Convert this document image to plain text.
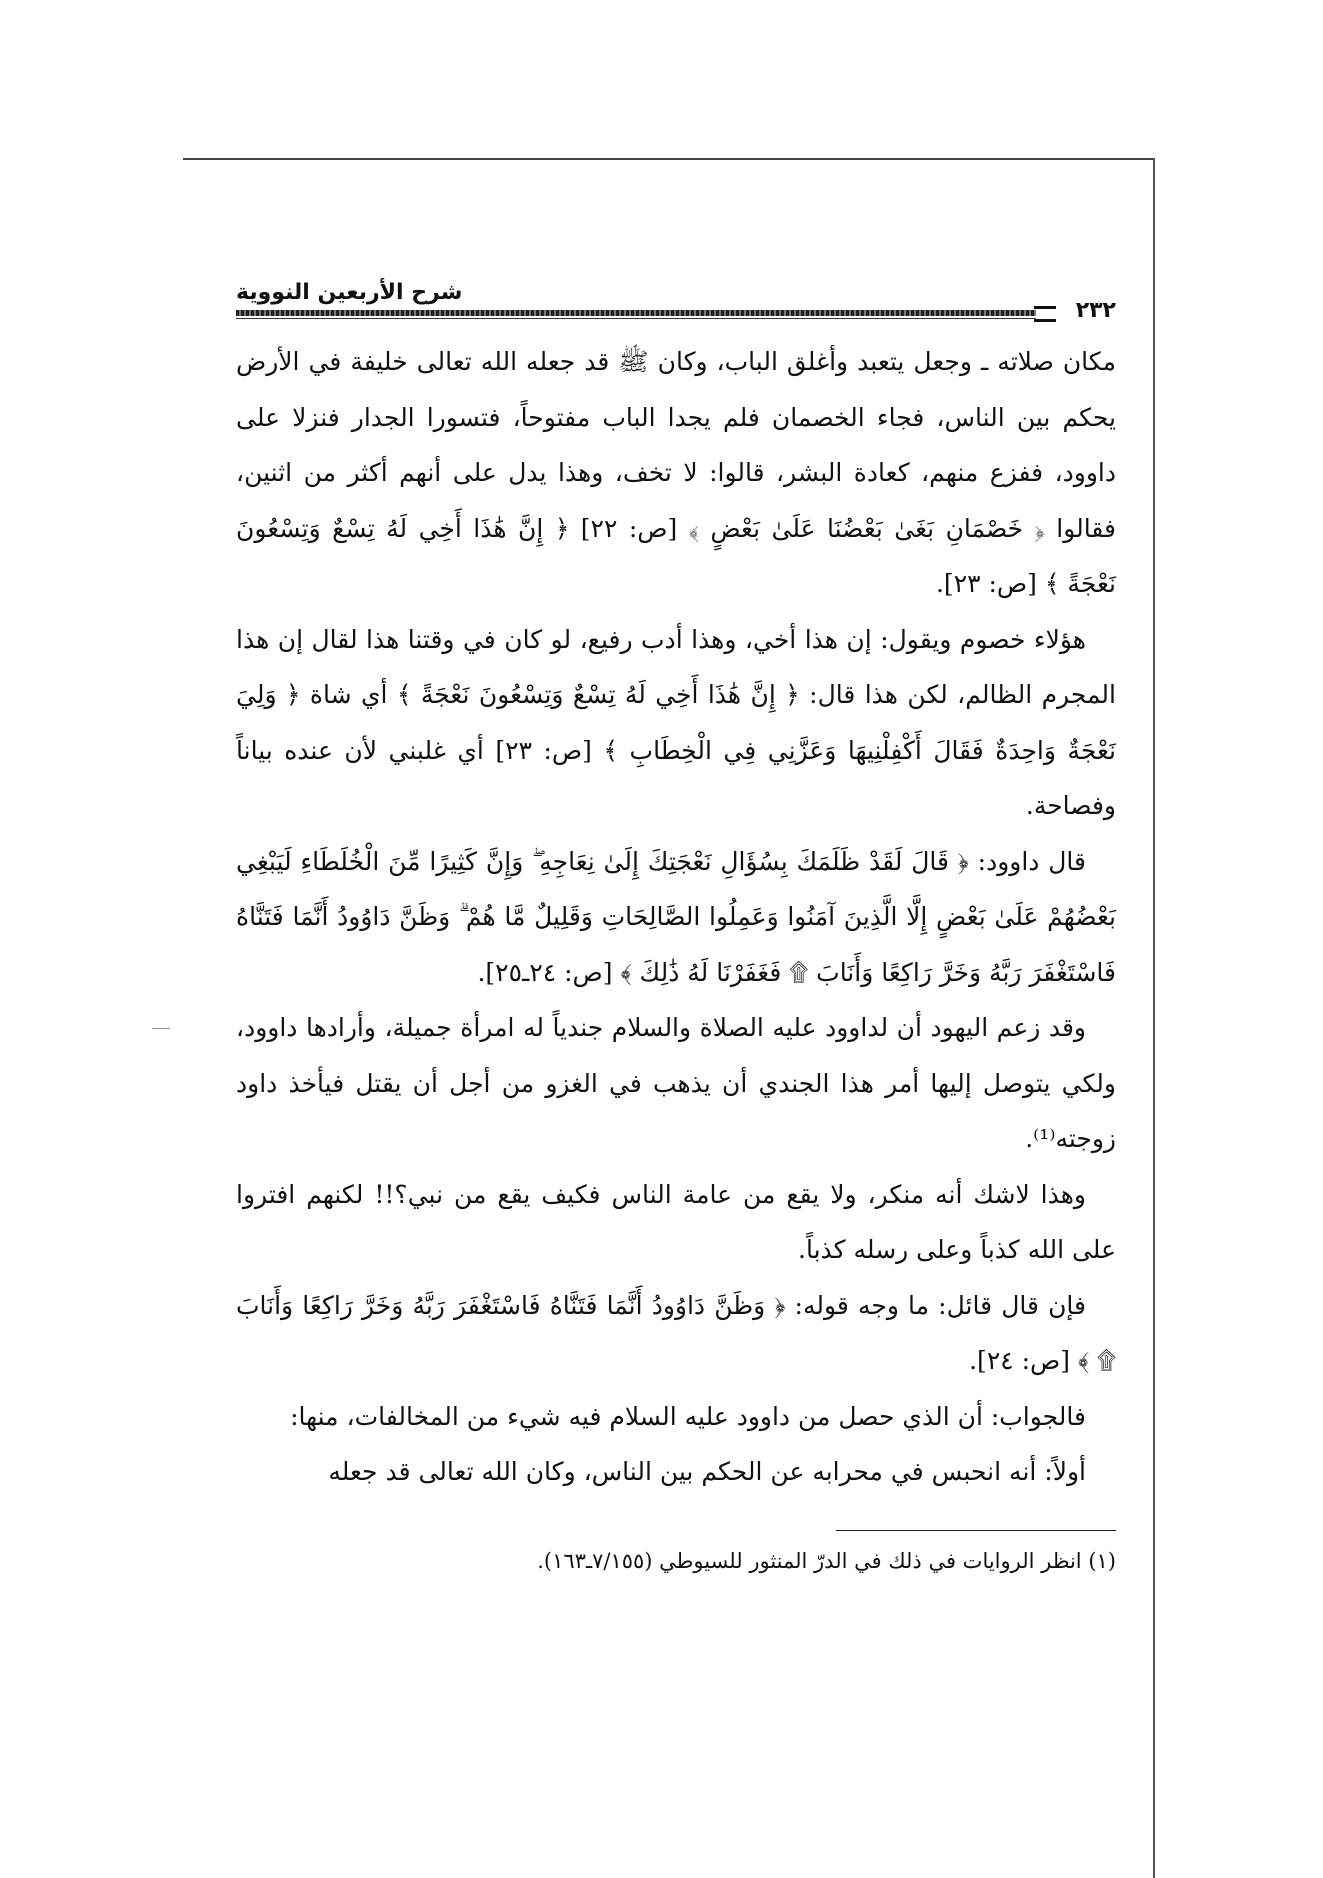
شرح الأربعين النووية
٢٣٢

مكان صلاته ـ وجعل يتعبد وأغلق الباب، وكان ﷺ قد جعله الله تعالى خليفة في الأرض يحكم بين الناس، فجاء الخصمان فلم يجدا الباب مفتوحاً، فتسورا الجدار فنزلا على داوود، ففزع منهم، كعادة البشر، قالوا: لا تخف، وهذا يدل على أنهم أكثر من اثنين، فقالوا ﴿ خَصْمَانِ بَغَىٰ بَعْضُنَا عَلَىٰ بَعْضٍ ﴾ [ص: ٢٢] ﴿ إِنَّ هَٰذَا أَخِي لَهُ تِسْعٌ وَتِسْعُونَ نَعْجَةً ﴾ [ص: ٢٣].

هؤلاء خصوم ويقول: إن هذا أخي، وهذا أدب رفيع، لو كان في وقتنا هذا لقال إن هذا المجرم الظالم، لكن هذا قال: ﴿ إِنَّ هَٰذَا أَخِي لَهُ تِسْعٌ وَتِسْعُونَ نَعْجَةً ﴾ أي شاة ﴿ وَلِيَ نَعْجَةٌ وَاحِدَةٌ فَقَالَ أَكْفِلْنِيهَا وَعَزَّنِي فِي الْخِطَابِ ﴾ [ص: ٢٣] أي غلبني لأن عنده بياناً وفصاحة.

قال داوود: ﴿ قَالَ لَقَدْ ظَلَمَكَ بِسُؤَالِ نَعْجَتِكَ إِلَىٰ نِعَاجِهِ ۖ وَإِنَّ كَثِيرًا مِّنَ الْخُلَطَاءِ لَيَبْغِي بَعْضُهُمْ عَلَىٰ بَعْضٍ إِلَّا الَّذِينَ آمَنُوا وَعَمِلُوا الصَّالِحَاتِ وَقَلِيلٌ مَّا هُمْ ۗ وَظَنَّ دَاوُودُ أَنَّمَا فَتَنَّاهُ فَاسْتَغْفَرَ رَبَّهُ وَخَرَّ رَاكِعًا وَأَنَابَ ۩ فَغَفَرْنَا لَهُ ذَٰلِكَ ﴾ [ص: ٢٤ـ٢٥].

وقد زعم اليهود أن لداوود عليه الصلاة والسلام جندياً له امرأة جميلة، وأرادها داوود، ولكي يتوصل إليها أمر هذا الجندي أن يذهب في الغزو من أجل أن يقتل فيأخذ داود زوجته⁽¹⁾.

وهذا لاشك أنه منكر، ولا يقع من عامة الناس فكيف يقع من نبي؟!! لكنهم افتروا على الله كذباً وعلى رسله كذباً.

فإن قال قائل: ما وجه قوله: ﴿ وَظَنَّ دَاوُودُ أَنَّمَا فَتَنَّاهُ فَاسْتَغْفَرَ رَبَّهُ وَخَرَّ رَاكِعًا وَأَنَابَ ۩ ﴾ [ص: ٢٤].

فالجواب: أن الذي حصل من داوود عليه السلام فيه شيء من المخالفات، منها:

أولاً: أنه انحبس في محرابه عن الحكم بين الناس، وكان الله تعالى قد جعله

(١) انظر الروايات في ذلك في الدرّ المنثور للسيوطي (٧/١٥٥ـ١٦٣).
